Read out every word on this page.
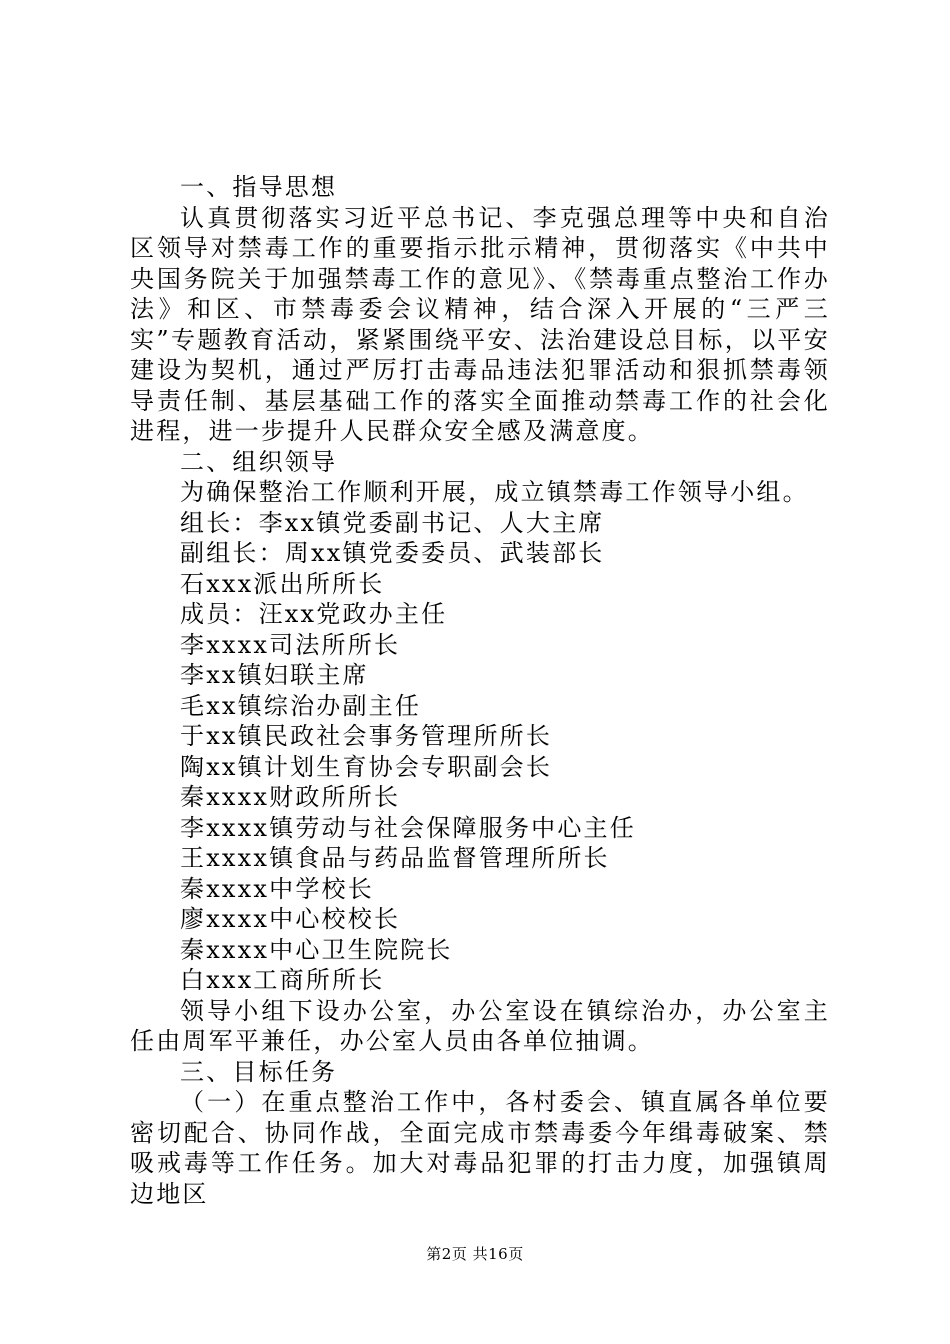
一、指导思想

认真贯彻落实习近平总书记、李克强总理等中央和自治区领导对禁毒工作的重要指示批示精神，贯彻落实《中共中央国务院关于加强禁毒工作的意见》、《禁毒重点整治工作办法》和区、市禁毒委会议精神，结合深入开展的“三严三实”专题教育活动，紧紧围绕平安、法治建设总目标，以平安建设为契机，通过严厉打击毒品违法犯罪活动和狠抓禁毒领导责任制、基层基础工作的落实全面推动禁毒工作的社会化进程，进一步提升人民群众安全感及满意度。

二、组织领导

为确保整治工作顺利开展，成立镇禁毒工作领导小组。

组长：李xx镇党委副书记、人大主席

副组长：周xx镇党委委员、武装部长

石xxx派出所所长

成员：汪xx党政办主任

李xxxx司法所所长

李xx镇妇联主席

毛xx镇综治办副主任

于xx镇民政社会事务管理所所长

陶xx镇计划生育协会专职副会长

秦xxxx财政所所长

李xxxx镇劳动与社会保障服务中心主任

王xxxx镇食品与药品监督管理所所长

秦xxxx中学校长

廖xxxx中心校校长

秦xxxx中心卫生院院长

白xxx工商所所长

领导小组下设办公室，办公室设在镇综治办，办公室主任由周军平兼任，办公室人员由各单位抽调。

三、目标任务

（一）在重点整治工作中，各村委会、镇直属各单位要密切配合、协同作战，全面完成市禁毒委今年缉毒破案、禁吸戒毒等工作任务。加大对毒品犯罪的打击力度，加强镇周边地区

第2页 共16页
